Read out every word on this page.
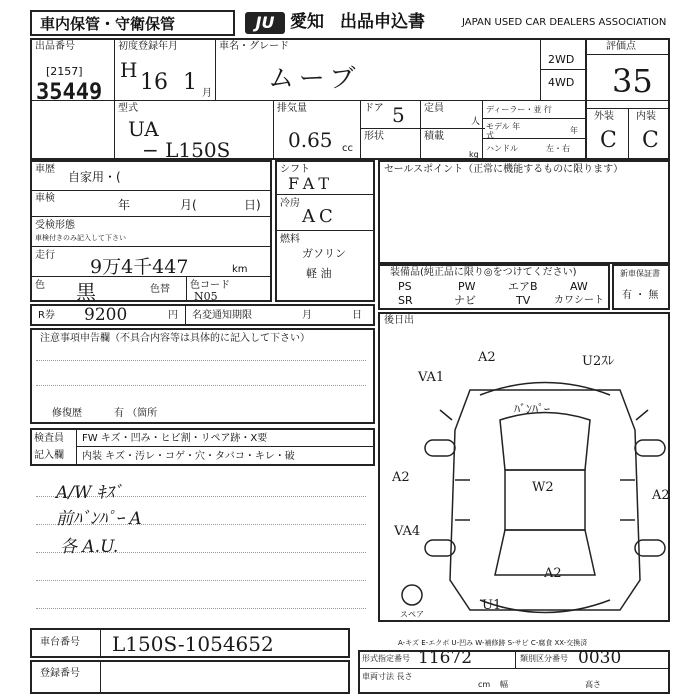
車内保管・守衛保管	JU 愛知 出品申込書	JAPAN USED CAR DEALERS ASSOCIATION
出品番号
[2157]
35449
初度登録年月
H 16 1 月
車名・グレード
ムーブ
2WD
4WD
評価点
35
外装 内装
C C
型式
UA
− L150S
排気量
0.65 cc
ドア 5
形状
定員
人
積載
kg
ディーラー・並 行
モデル 年式
年
ハンドル	左・右
車歴
自家用・(
車検	年	月(	日)
受検形態
車検付きのみ記入して下さい
走行
9万4千447	km
色 黒	色替 色コード
N05
シフト
FAT
冷房
AC
燃料
ガソリン
軽 油
セールスポイント（正常に機能するものに限ります）
装備品(純正品に限り◎をつけてください)
PS	PW	エアB	AW
SR	ナビ	TV カワシート
新車保証書
有 ・ 無
R券 9200	円 名変通知期限	月	日 後日出
注意事項申告欄（不具合内容等は具体的に記入して下さい）
修復歴	有 （箇所
検査員
記入欄
FW キズ・凹み・ヒビ割・リペア跡・X要
内装 キズ・汚レ・コゲ・穴・タバコ・キレ・破
A/W ｷｽﾞ
前ﾊﾞﾝﾊﾟｰ A
各 A.U.
A2	U2ｽﾚ
VA1
ﾊﾞﾝﾊﾟｰ
A2
W2
A2
VA4
A2
U1
スペア
A-キズ E-エクボ U-凹み W-補修跡 S-サビ C-腐食 XX-交換済
車台番号 L150S-1054652
登録番号
形式指定番号 11672	類別区分番号 0030
車両寸法 長さ
幅	高さ
cm
